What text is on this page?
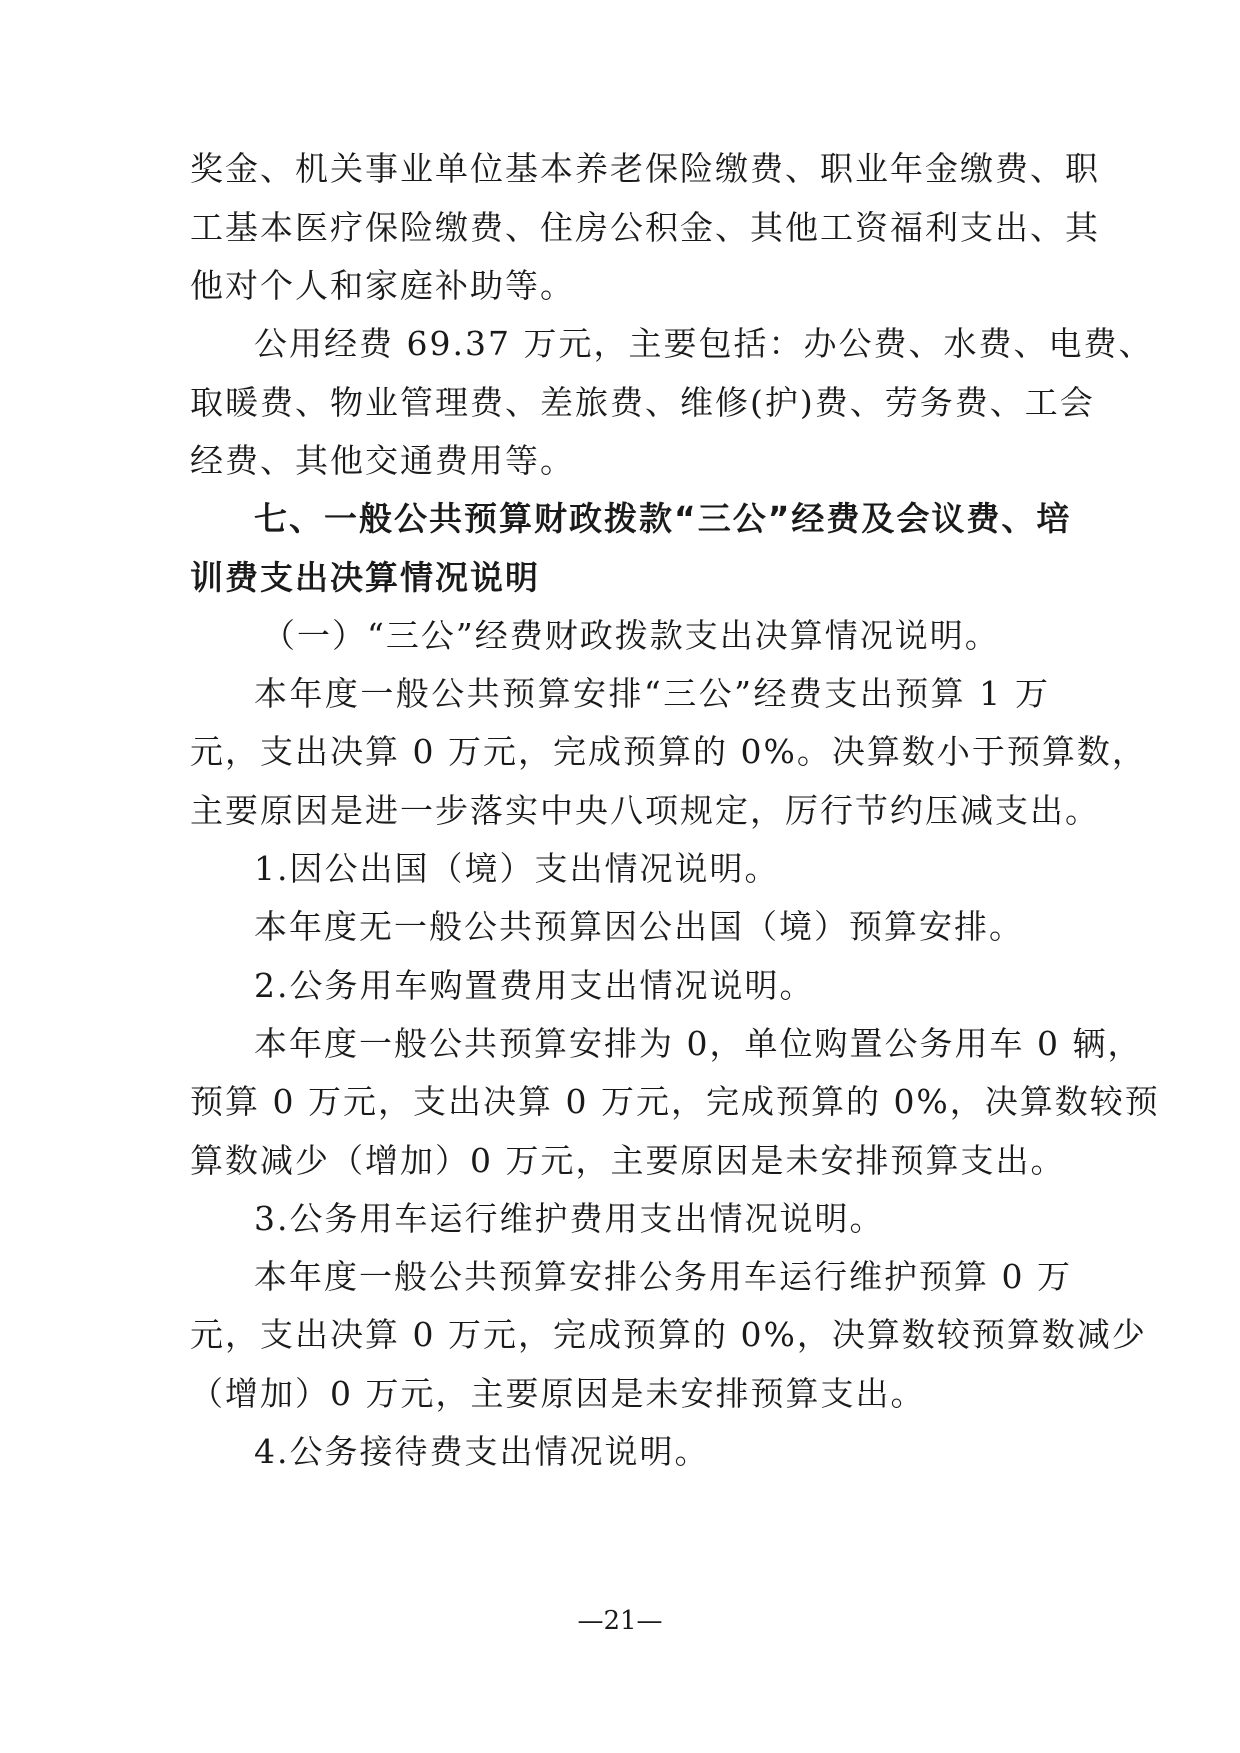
奖金、机关事业单位基本养老保险缴费、职业年金缴费、职
工基本医疗保险缴费、住房公积金、其他工资福利支出、其
他对个人和家庭补助等。
公用经费 69.37 万元，主要包括：办公费、水费、电费、
取暖费、物业管理费、差旅费、维修(护)费、劳务费、工会
经费、其他交通费用等。
七、一般公共预算财政拨款“三公”经费及会议费、培
训费支出决算情况说明
（一）“三公”经费财政拨款支出决算情况说明。
本年度一般公共预算安排“三公”经费支出预算 1 万
元，支出决算 0 万元，完成预算的 0%。决算数小于预算数，
主要原因是进一步落实中央八项规定，厉行节约压减支出。
1.因公出国（境）支出情况说明。
本年度无一般公共预算因公出国（境）预算安排。
2.公务用车购置费用支出情况说明。
本年度一般公共预算安排为 0，单位购置公务用车 0 辆，
预算 0 万元，支出决算 0 万元，完成预算的 0%，决算数较预
算数减少（增加）0 万元，主要原因是未安排预算支出。
3.公务用车运行维护费用支出情况说明。
本年度一般公共预算安排公务用车运行维护预算 0 万
元，支出决算 0 万元，完成预算的 0%，决算数较预算数减少
（增加）0 万元，主要原因是未安排预算支出。
4.公务接待费支出情况说明。
—21—
